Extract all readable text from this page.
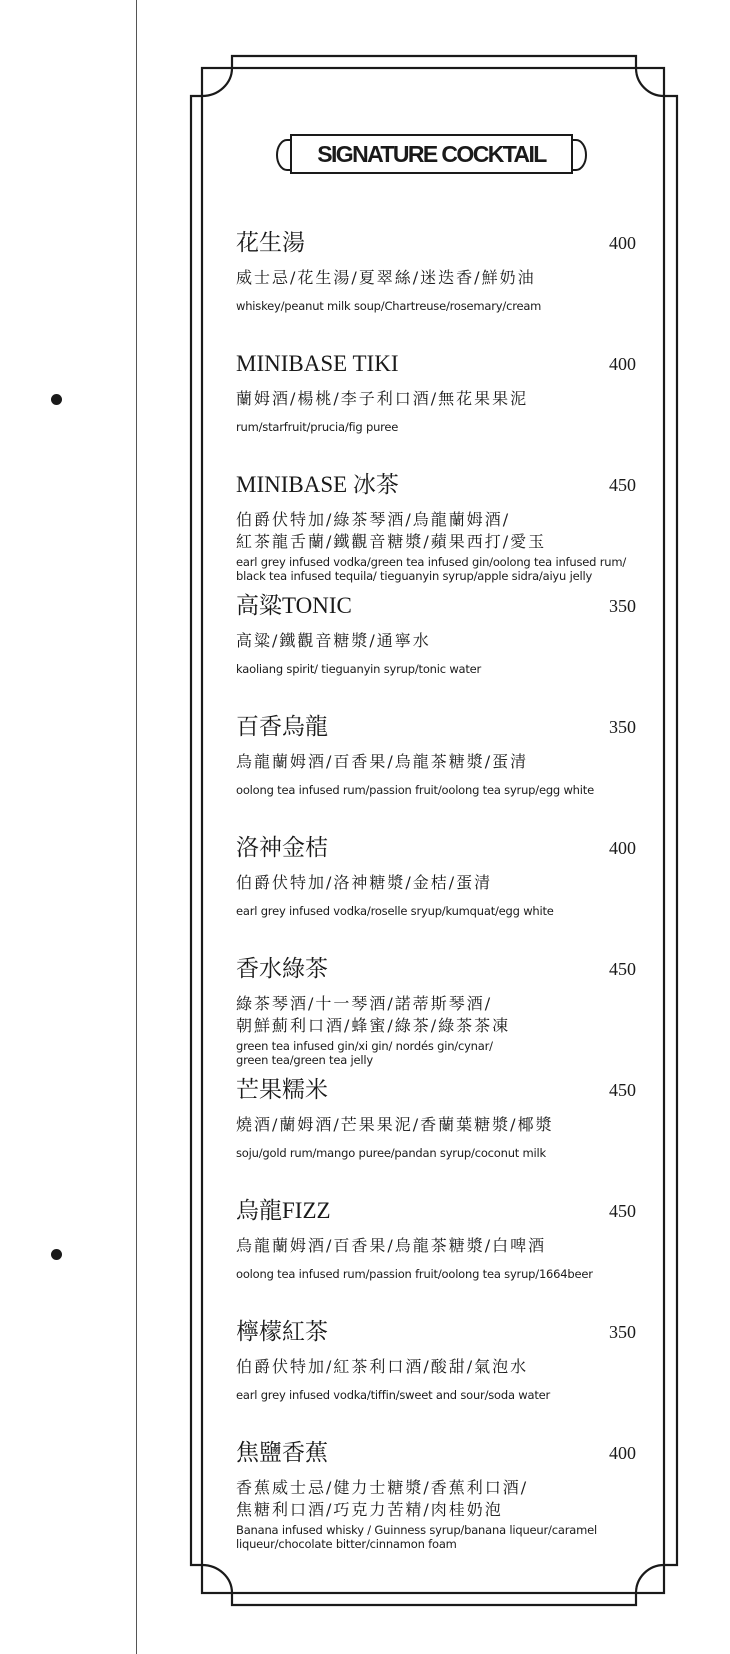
SIGNATURE COCKTAIL
花生湯	400
威士忌/花生湯/夏翠絲/迷迭香/鮮奶油
whiskey/peanut milk soup/Chartreuse/rosemary/cream
MINIBASE TIKI	400
蘭姆酒/楊桃/李子利口酒/無花果果泥
rum/starfruit/prucia/fig puree
MINIBASE 冰茶	450
伯爵伏特加/綠茶琴酒/烏龍蘭姆酒/
紅茶龍舌蘭/鐵觀音糖漿/蘋果西打/愛玉
earl grey infused vodka/green tea infused gin/oolong tea infused rum/
black tea infused tequila/ tieguanyin syrup/apple sidra/aiyu jelly
高粱TONIC	350
高粱/鐵觀音糖漿/通寧水
kaoliang spirit/ tieguanyin syrup/tonic water
百香烏龍	350
烏龍蘭姆酒/百香果/烏龍茶糖漿/蛋清
oolong tea infused rum/passion fruit/oolong tea syrup/egg white
洛神金桔	400
伯爵伏特加/洛神糖漿/金桔/蛋清
earl grey infused vodka/roselle sryup/kumquat/egg white
香水綠茶	450
綠茶琴酒/十一琴酒/諾蒂斯琴酒/
朝鮮薊利口酒/蜂蜜/綠茶/綠茶茶凍
green tea infused gin/xi gin/ nordés gin/cynar/
green tea/green tea jelly
芒果糯米	450
燒酒/蘭姆酒/芒果果泥/香蘭葉糖漿/椰漿
soju/gold rum/mango puree/pandan syrup/coconut milk
烏龍FIZZ	450
烏龍蘭姆酒/百香果/烏龍茶糖漿/白啤酒
oolong tea infused rum/passion fruit/oolong tea syrup/1664beer
檸檬紅茶	350
伯爵伏特加/紅茶利口酒/酸甜/氣泡水
earl grey infused vodka/tiffin/sweet and sour/soda water
焦鹽香蕉	400
香蕉威士忌/健力士糖漿/香蕉利口酒/
焦糖利口酒/巧克力苦精/肉桂奶泡
Banana infused whisky / Guinness syrup/banana liqueur/caramel
liqueur/chocolate bitter/cinnamon foam
